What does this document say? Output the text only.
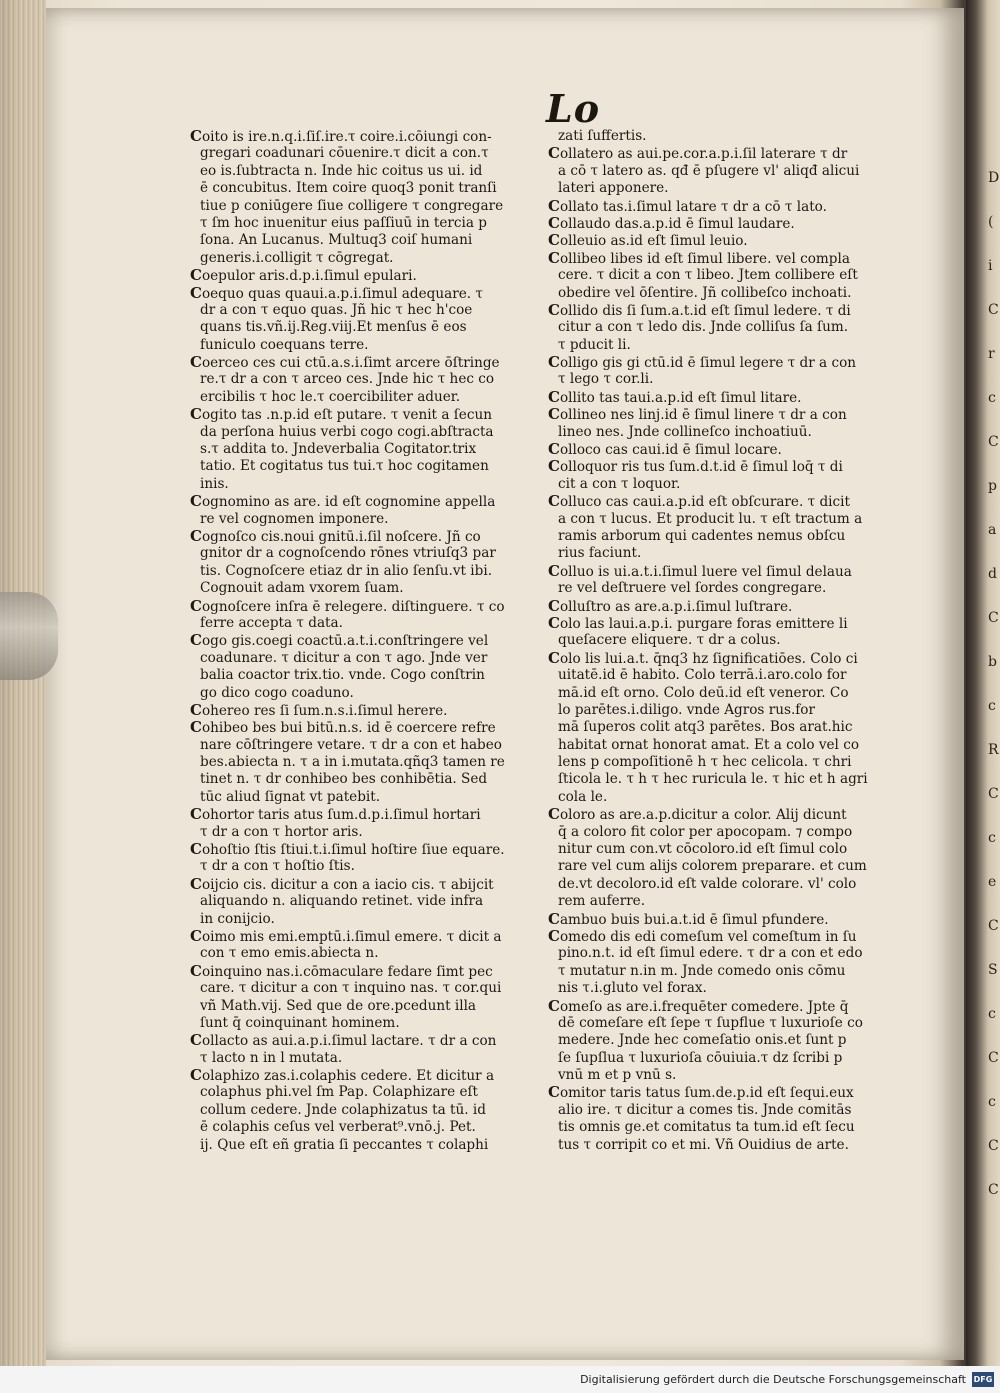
D
(
i
C
r
c
C
p
a
d
C
b
c
R
C
c
e
C
S
c
C
c
C
C
Lo
Coito is ire.n.q.i.ſiſ.ire.τ coire.i.cōiungi con-
gregari coadunari cōuenire.τ dicit a con.τ
eo is.ſubtracta n. Inde hic coitus us ui. id
ē concubitus. Item coire quoq3 ponit tranſi
tiue p coniūgere ſiue colligere τ congregare
τ ſm hoc inuenitur eius paſſiuū in tercia p
ſona. An Lucanus. Multuq3 coiſ humani
generis.i.colligit τ cōgregat.
Coepulor aris.d.p.i.ſimul epulari.
Coequo quas quaui.a.p.i.ſimul adequare. τ
dr a con τ equo quas. Jñ hic τ hec h'coe
quans tis.vñ.ij.Reg.viij.Et menſus ē eos
funiculo coequans terre.
Coerceo ces cui ctū.a.s.i.ſimt arcere ōſtringe
re.τ dr a con τ arceo ces. Jnde hic τ hec co
ercibilis τ hoc le.τ coercibiliter aduer.
Cogito tas .n.p.id eſt putare. τ venit a ſecun
da perſona huius verbi cogo cogi.abſtracta
s.τ addita to. Jndeverbalia Cogitator.trix
tatio. Et cogitatus tus tui.τ hoc cogitamen
inis.
Cognomino as are. id eſt cognomine appella
re vel cognomen imponere.
Cognoſco cis.noui gnitū.i.ſil noſcere. Jñ co
gnitor dr a cognoſcendo rōnes vtriuſq3 par
tis. Cognoſcere etiaz dr in alio ſenſu.vt ibi.
Cognouit adam vxorem ſuam.
Cognoſcere inſra ē relegere. diſtinguere. τ co
ferre accepta τ data.
Cogo gis.coegi coactū.a.t.i.conſtringere vel
coadunare. τ dicitur a con τ ago. Jnde ver
balia coactor trix.tio. vnde. Cogo conſtrin
go dico cogo coaduno.
Cohereo res ſi ſum.n.s.i.ſimul herere.
Cohibeo bes bui bitū.n.s. id ē coercere refre
nare cōſtringere vetare. τ dr a con et habeo
bes.abiecta n. τ a in i.mutata.qñq3 tamen re
tinet n. τ dr conhibeo bes conhibētia. Sed
tūc aliud ſignat vt patebit.
Cohortor taris atus ſum.d.p.i.ſimul hortari
τ dr a con τ hortor aris.
Cohoſtio ſtis ſtiui.t.i.ſimul hoſtire ſiue equare.
τ dr a con τ hoſtio ſtis.
Coijcio cis. dicitur a con a iacio cis. τ abijcit
aliquando n. aliquando retinet. vide infra
in conijcio.
Coimo mis emi.emptū.i.ſimul emere. τ dicit a
con τ emo emis.abiecta n.
Coinquino nas.i.cōmaculare fedare ſimt pec
care. τ dicitur a con τ inquino nas. τ cor.qui
vñ Math.vij. Sed que de ore.pcedunt illa
ſunt q̄ coinquinant hominem.
Collacto as aui.a.p.i.ſimul lactare. τ dr a con
τ lacto n in l mutata.
Colaphizo zas.i.colaphis cedere. Et dicitur a
colaphus phi.vel ſm Pap. Colaphizare eſt
collum cedere. Jnde colaphizatus ta tū. id
ē colaphis ceſus vel verberat⁹.vnō.j. Pet.
ij. Que eſt eñ gratia ſi peccantes τ colaphi
zati ſuffertis.
Collatero as aui.pe.cor.a.p.i.ſil laterare τ dr
a cō τ latero as. qđ ē pſugere vl' aliqđ alicui
lateri apponere.
Collato tas.i.ſimul latare τ dr a cō τ lato.
Collaudo das.a.p.id ē ſimul laudare.
Colleuio as.id eſt ſimul leuio.
Collibeo libes id eſt ſimul libere. vel compla
cere. τ dicit a con τ libeo. Jtem collibere eſt
obedire vel ōſentire. Jñ collibeſco inchoati.
Collido dis ſi ſum.a.t.id eſt ſimul ledere. τ di
citur a con τ ledo dis. Jnde colliſus ſa ſum.
τ pducit li.
Colligo gis gi ctū.id ē ſimul legere τ dr a con
τ lego τ cor.li.
Collito tas taui.a.p.id eſt ſimul litare.
Collineo nes linj.id ē ſimul linere τ dr a con
lineo nes. Jnde collineſco inchoatiuū.
Colloco cas caui.id ē ſimul locare.
Colloquor ris tus ſum.d.t.id ē ſimul loq̄ τ di
cit a con τ loquor.
Colluco cas caui.a.p.id eſt obſcurare. τ dicit
a con τ lucus. Et producit lu. τ eſt tractum a
ramis arborum qui cadentes nemus obſcu
rius faciunt.
Colluo is ui.a.t.i.ſimul luere vel ſimul delaua
re vel deſtruere vel ſordes congregare.
Colluſtro as are.a.p.i.ſimul luſtrare.
Colo las laui.a.p.i. purgare foras emittere li
queſacere eliquere. τ dr a colus.
Colo lis lui.a.t. q̄nq3 hz ſignificatiōes. Colo ci
uitatē.id ē habito. Colo terrā.i.aro.colo for
mā.id eſt orno. Colo deū.id eſt veneror. Co
lo parētes.i.diligo. vnde Agros rus.for
mā ſuperos colit atq3 parētes. Bos arat.hic
habitat ornat honorat amat. Et a colo vel co
lens p compoſitionē h τ hec celicola. τ chri
ſticola le. τ h τ hec ruricula le. τ hic et h agri
cola le.
Coloro as are.a.p.dicitur a color. Alij dicunt
q̄ a coloro fit color per apocopam. ⁊ compo
nitur cum con.vt cōcoloro.id eſt ſimul colo
rare vel cum alijs colorem preparare. et cum
de.vt decoloro.id eſt valde colorare. vl' colo
rem auferre.
Cambuo buis bui.a.t.id ē ſimul pfundere.
Comedo dis edi comeſum vel comeſtum in ſu
pino.n.t. id eſt ſimul edere. τ dr a con et edo
τ mutatur n.in m. Jnde comedo onis cōmu
nis τ.i.gluto vel forax.
Comeſo as are.i.frequēter comedere. Jpte q̄
dē comeſare eſt ſepe τ ſupflue τ luxurioſe co
medere. Jnde hec comeſatio onis.et ſunt p
ſe ſupſlua τ luxurioſa cōuiuia.τ dz ſcribi p
vnū m et p vnū s.
Comitor taris tatus ſum.de.p.id eſt ſequi.eux
alio ire. τ dicitur a comes tis. Jnde comitās
tis omnis ge.et comitatus ta tum.id eſt ſecu
tus τ corripit co et mi. Vñ Ouidius de arte.
Digitalisierung gefördert durch die Deutsche Forschungsgemeinschaft DFG
